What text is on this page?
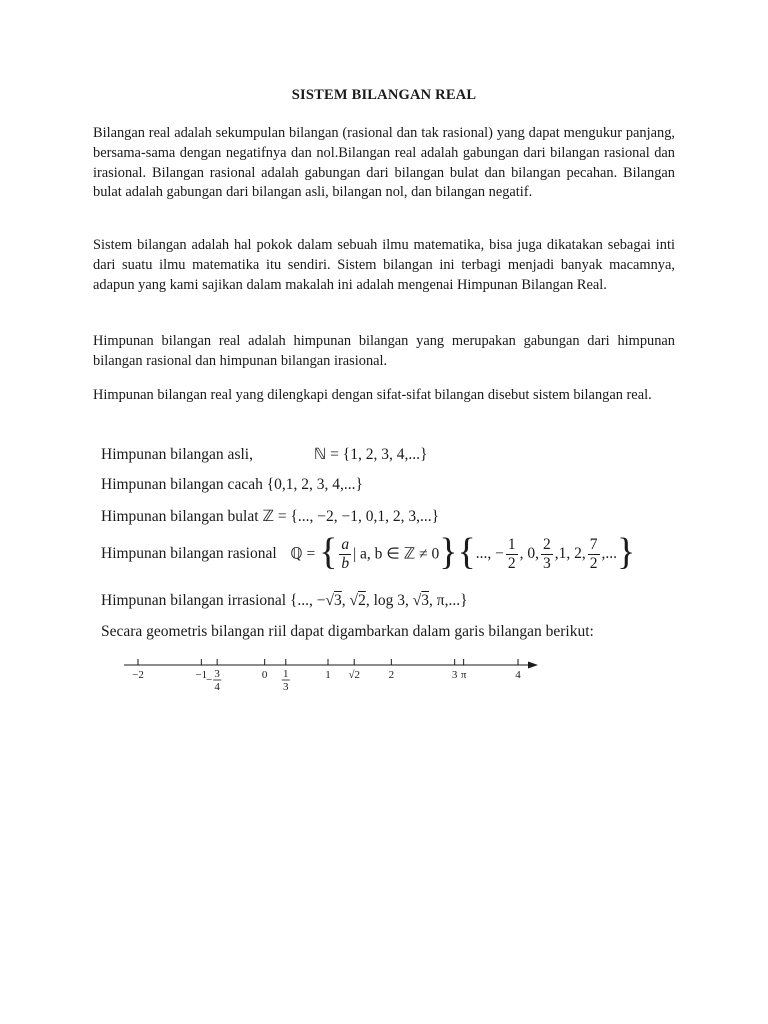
SISTEM BILANGAN REAL

Bilangan real adalah sekumpulan bilangan (rasional dan tak rasional) yang dapat mengukur panjang, bersama-sama dengan negatifnya dan nol.Bilangan real adalah gabungan dari bilangan rasional dan irasional. Bilangan rasional adalah gabungan dari bilangan bulat dan bilangan pecahan. Bilangan bulat adalah gabungan dari bilangan asli, bilangan nol, dan bilangan negatif.

Sistem bilangan adalah hal pokok dalam sebuah ilmu matematika, bisa juga dikatakan sebagai inti dari suatu ilmu matematika itu sendiri. Sistem bilangan ini terbagi menjadi banyak macamnya, adapun yang kami sajikan dalam makalah ini adalah mengenai Himpunan Bilangan Real.

Himpunan bilangan real adalah himpunan bilangan yang merupakan gabungan dari himpunan bilangan rasional dan himpunan bilangan irasional.

Himpunan bilangan real yang dilengkapi dengan sifat-sifat bilangan disebut sistem bilangan real.

Himpunan bilangan asli,	ℕ = {1, 2, 3, 4,...}
Himpunan bilangan cacah {0,1, 2, 3, 4,...}
Himpunan bilangan bulat ℤ = {..., −2, −1, 0,1, 2, 3,...}
Himpunan bilangan rasional ℚ = { $\frac{a}{b}$ | a, b ∈ ℤ ≠ 0}{..., − $\frac{1}{2}$ , 0, $\frac{2}{3} ,1$, 2, $\frac{7}{2}$ ,...}
Himpunan bilangan irrasional {..., −√3, √2, log 3, √3, π,...}
Secara geometris bilangan riil dapat digambarkan dalam garis bilangan berikut:
−2	−1	0	1 √2	2	3 π	4
− 3
4
1
3
